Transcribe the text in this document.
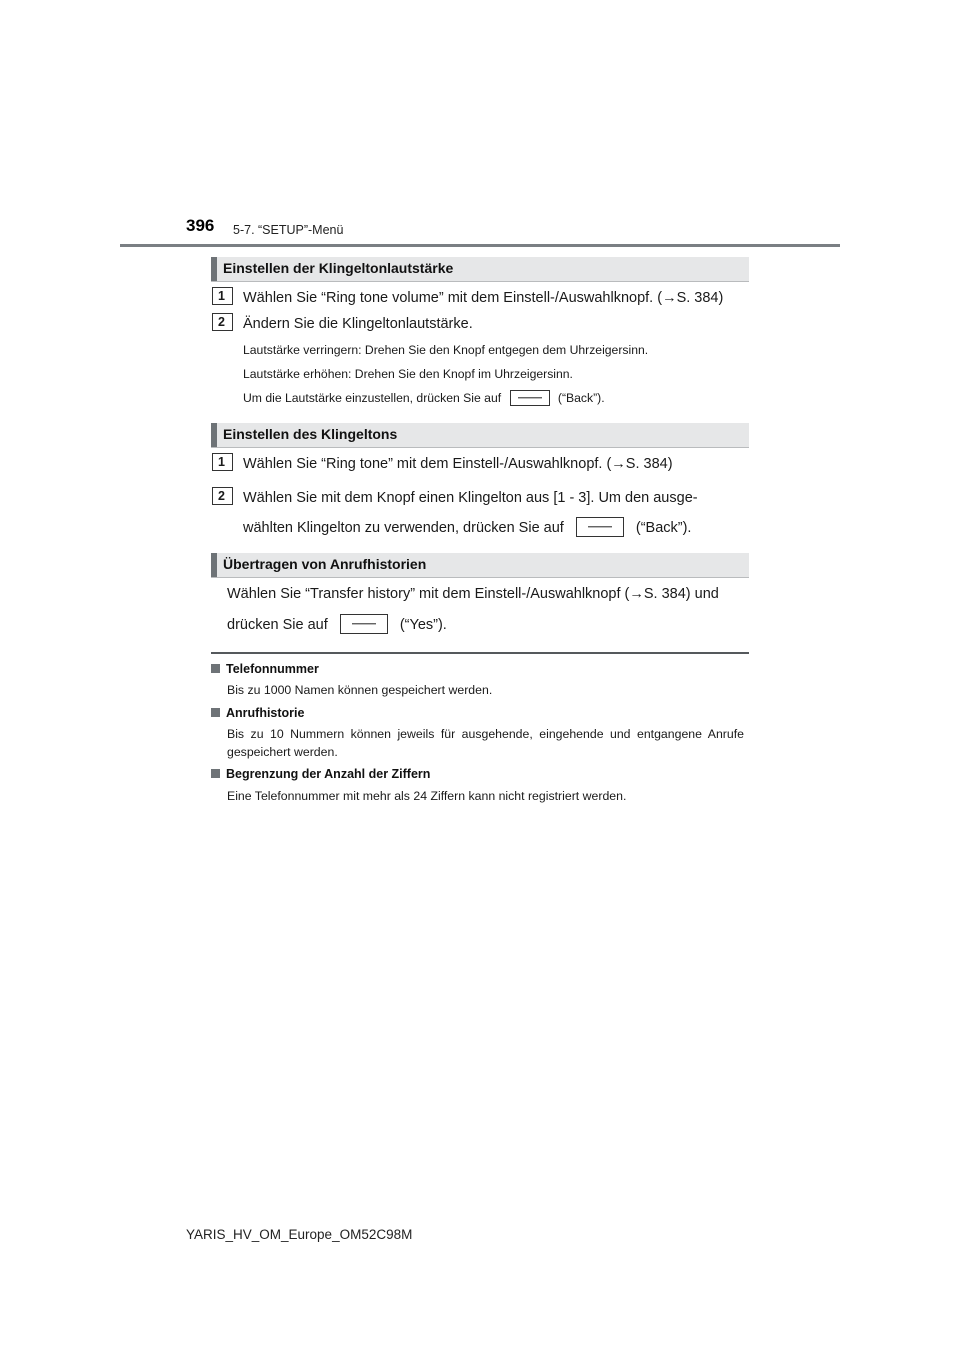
396 5-7. “SETUP”-Menü
Einstellen der Klingeltonlautstärke
1	Wählen Sie “Ring tone volume” mit dem Einstell-/Auswahlknopf. (→S. 384)
2	Ändern Sie die Klingeltonlautstärke.
Lautstärke verringern: Drehen Sie den Knopf entgegen dem Uhrzeigersinn.
Lautstärke erhöhen: Drehen Sie den Knopf im Uhrzeigersinn.
Um die Lautstärke einzustellen, drücken Sie auf	(“Back”).
Einstellen des Klingeltons
1	Wählen Sie “Ring tone” mit dem Einstell-/Auswahlknopf. (→S. 384)
2	Wählen Sie mit dem Knopf einen Klingelton aus [1 - 3]. Um den ausge-
wählten Klingelton zu verwenden, drücken Sie auf	(“Back”).
Übertragen von Anrufhistorien
Wählen Sie “Transfer history” mit dem Einstell-/Auswahlknopf (→S. 384) und
drücken Sie auf	(“Yes”).
Telefonnummer
Bis zu 1000 Namen können gespeichert werden.
Anrufhistorie
Bis zu 10 Nummern können jeweils für ausgehende, eingehende und entgangene Anrufe gespeichert werden.
Begrenzung der Anzahl der Ziffern
Eine Telefonnummer mit mehr als 24 Ziffern kann nicht registriert werden.
YARIS_HV_OM_Europe_OM52C98M
